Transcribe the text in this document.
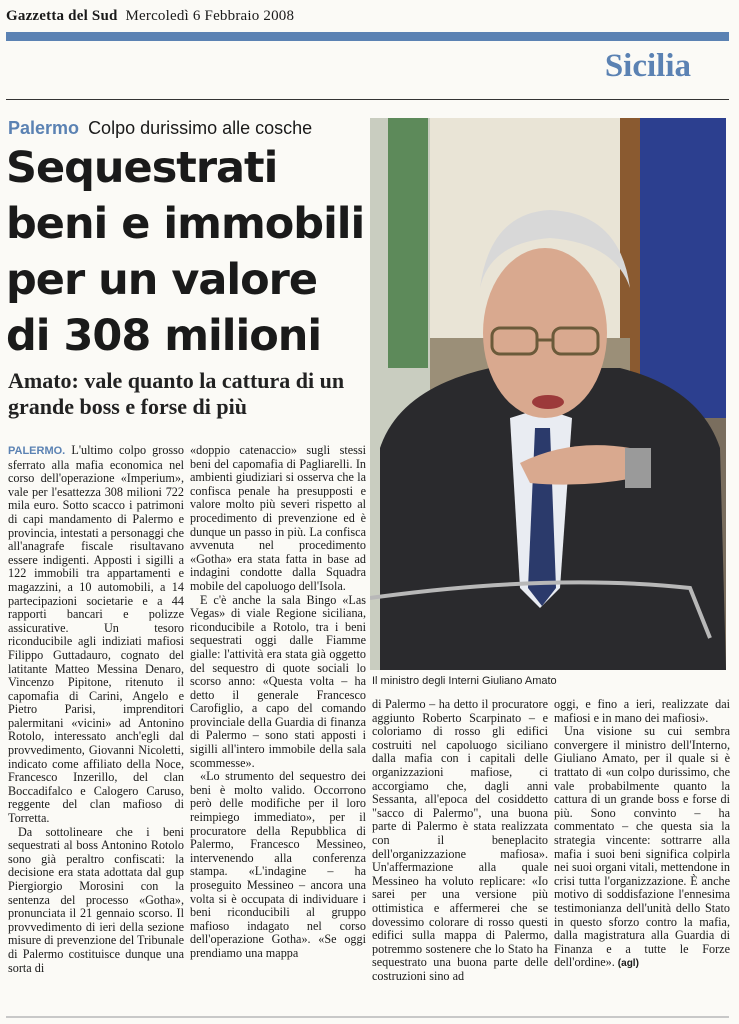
Gazzetta del Sud Mercoledì 6 Febbraio 2008
Sicilia
Palermo Colpo durissimo alle cosche
Sequestrati beni e immobili per un valore di 308 milioni
Amato: vale quanto la cattura di un grande boss e forse di più
Il ministro degli Interni Giuliano Amato

PALERMO. L'ultimo colpo grosso sferrato alla mafia economica nel corso dell'operazione «Imperium», vale per l'esattezza 308 milioni 722 mila euro. Sotto scacco i patrimoni di capi mandamento di Palermo e provincia, intestati a personaggi che all'anagrafe fiscale risultavano essere indigenti. Apposti i sigilli a 122 immobili tra appartamenti e magazzini, a 10 automobili, a 14 partecipazioni societarie e a 44 rapporti bancari e polizze assicurative. Un tesoro riconducibile agli indiziati mafiosi Filippo Guttadauro, cognato del latitante Matteo Messina Denaro, Vincenzo Pipitone, ritenuto il capomafia di Carini, Angelo e Pietro Parisi, imprenditori palermitani «vicini» ad Antonino Rotolo, interessato anch'egli dal provvedimento, Giovanni Nicoletti, indicato come affiliato della Noce, Francesco Inzerillo, del clan Boccadifalco e Calogero Caruso, reggente del clan mafioso di Torretta.

Da sottolineare che i beni sequestrati al boss Antonino Rotolo sono già peraltro confiscati: la decisione era stata adottata dal gup Piergiorgio Morosini con la sentenza del processo «Gotha», pronunciata il 21 gennaio scorso. Il provvedimento di ieri della sezione misure di prevenzione del Tribunale di Palermo costituisce dunque una sorta di

«doppio catenaccio» sugli stessi beni del capomafia di Pagliarelli. In ambienti giudiziari si osserva che la confisca penale ha presupposti e valore molto più severi rispetto al procedimento di prevenzione ed è dunque un passo in più. La confisca avvenuta nel procedimento «Gotha» era stata fatta in base ad indagini condotte dalla Squadra mobile del capoluogo dell'Isola.

E c'è anche la sala Bingo «Las Vegas» di viale Regione siciliana, riconducibile a Rotolo, tra i beni sequestrati oggi dalle Fiamme gialle: l'attività era stata già oggetto del sequestro di quote sociali lo scorso anno: «Questa volta – ha detto il generale Francesco Carofiglio, a capo del comando provinciale della Guardia di finanza di Palermo – sono stati apposti i sigilli all'intero immobile della sala scommesse».

«Lo strumento del sequestro dei beni è molto valido. Occorrono però delle modifiche per il loro reimpiego immediato», per il procuratore della Repubblica di Palermo, Francesco Messineo, intervenendo alla conferenza stampa. «L'indagine – ha proseguito Messineo – ancora una volta si è occupata di individuare i beni riconducibili al gruppo mafioso indagato nel corso dell'operazione Gotha». «Se oggi prendiamo una mappa

di Palermo – ha detto il procuratore aggiunto Roberto Scarpinato – e coloriamo di rosso gli edifici costruiti nel capoluogo siciliano dalla mafia con i capitali delle organizzazioni mafiose, ci accorgiamo che, dagli anni Sessanta, all'epoca del cosiddetto "sacco di Palermo", una buona parte di Palermo è stata realizzata con il beneplacito dell'organizzazione mafiosa». Un'affermazione alla quale Messineo ha voluto replicare: «Io sarei per una versione più ottimistica e affermerei che se dovessimo colorare di rosso questi edifici sulla mappa di Palermo, potremmo sostenere che lo Stato ha sequestrato una buona parte delle costruzioni sino ad

oggi, e fino a ieri, realizzate dai mafiosi e in mano dei mafiosi».

Una visione su cui sembra convergere il ministro dell'Interno, Giuliano Amato, per il quale si è trattato di «un colpo durissimo, che vale probabilmente quanto la cattura di un grande boss e forse di più. Sono convinto – ha commentato – che questa sia la strategia vincente: sottrarre alla mafia i suoi beni significa colpirla nei suoi organi vitali, mettendone in crisi tutta l'organizzazione. È anche motivo di soddisfazione l'ennesima testimonianza dell'unità dello Stato in questo sforzo contro la mafia, dalla magistratura alla Guardia di Finanza e a tutte le Forze dell'ordine». (agl)
